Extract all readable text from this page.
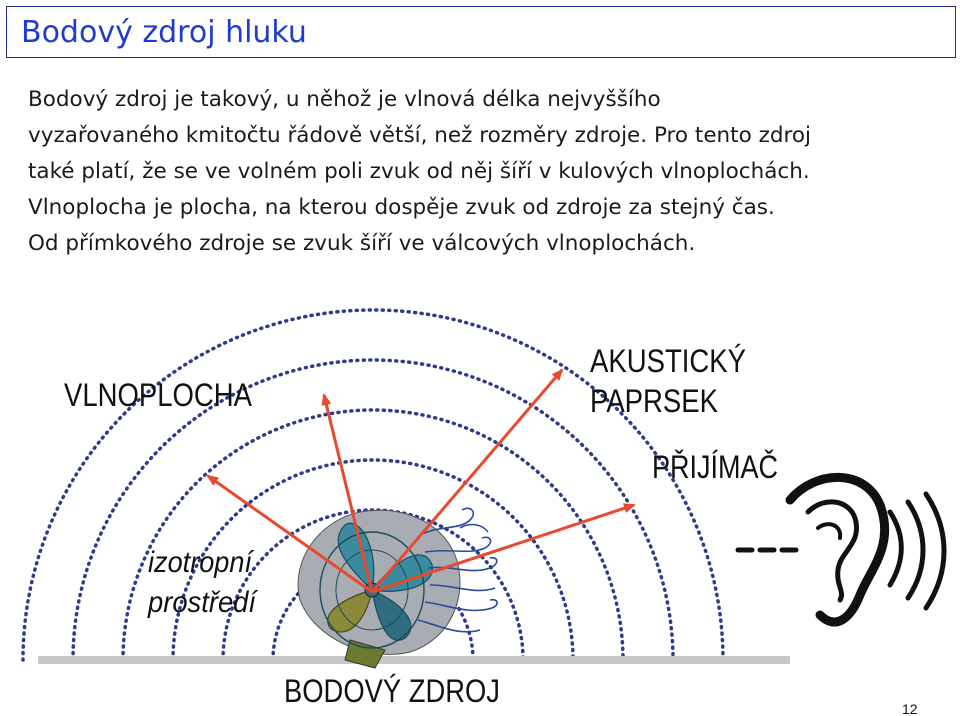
Bodový zdroj hluku
Bodový zdroj je takový, u něhož je vlnová délka nejvyššího
vyzařovaného kmitočtu řádově větší, než rozměry zdroje. Pro tento zdroj
také platí, že se ve volném poli zvuk od něj šíří v kulových vlnoplochách.
Vlnoplocha je plocha, na kterou dospěje zvuk od zdroje za stejný čas.
Od přímkového zdroje se zvuk šíří ve válcových vlnoplochách.
VLNOPLOCHA
AKUSTICKÝ
PAPRSEK
PŘIJÍMAČ
izotropní
prostředí
BODOVÝ ZDROJ	12
